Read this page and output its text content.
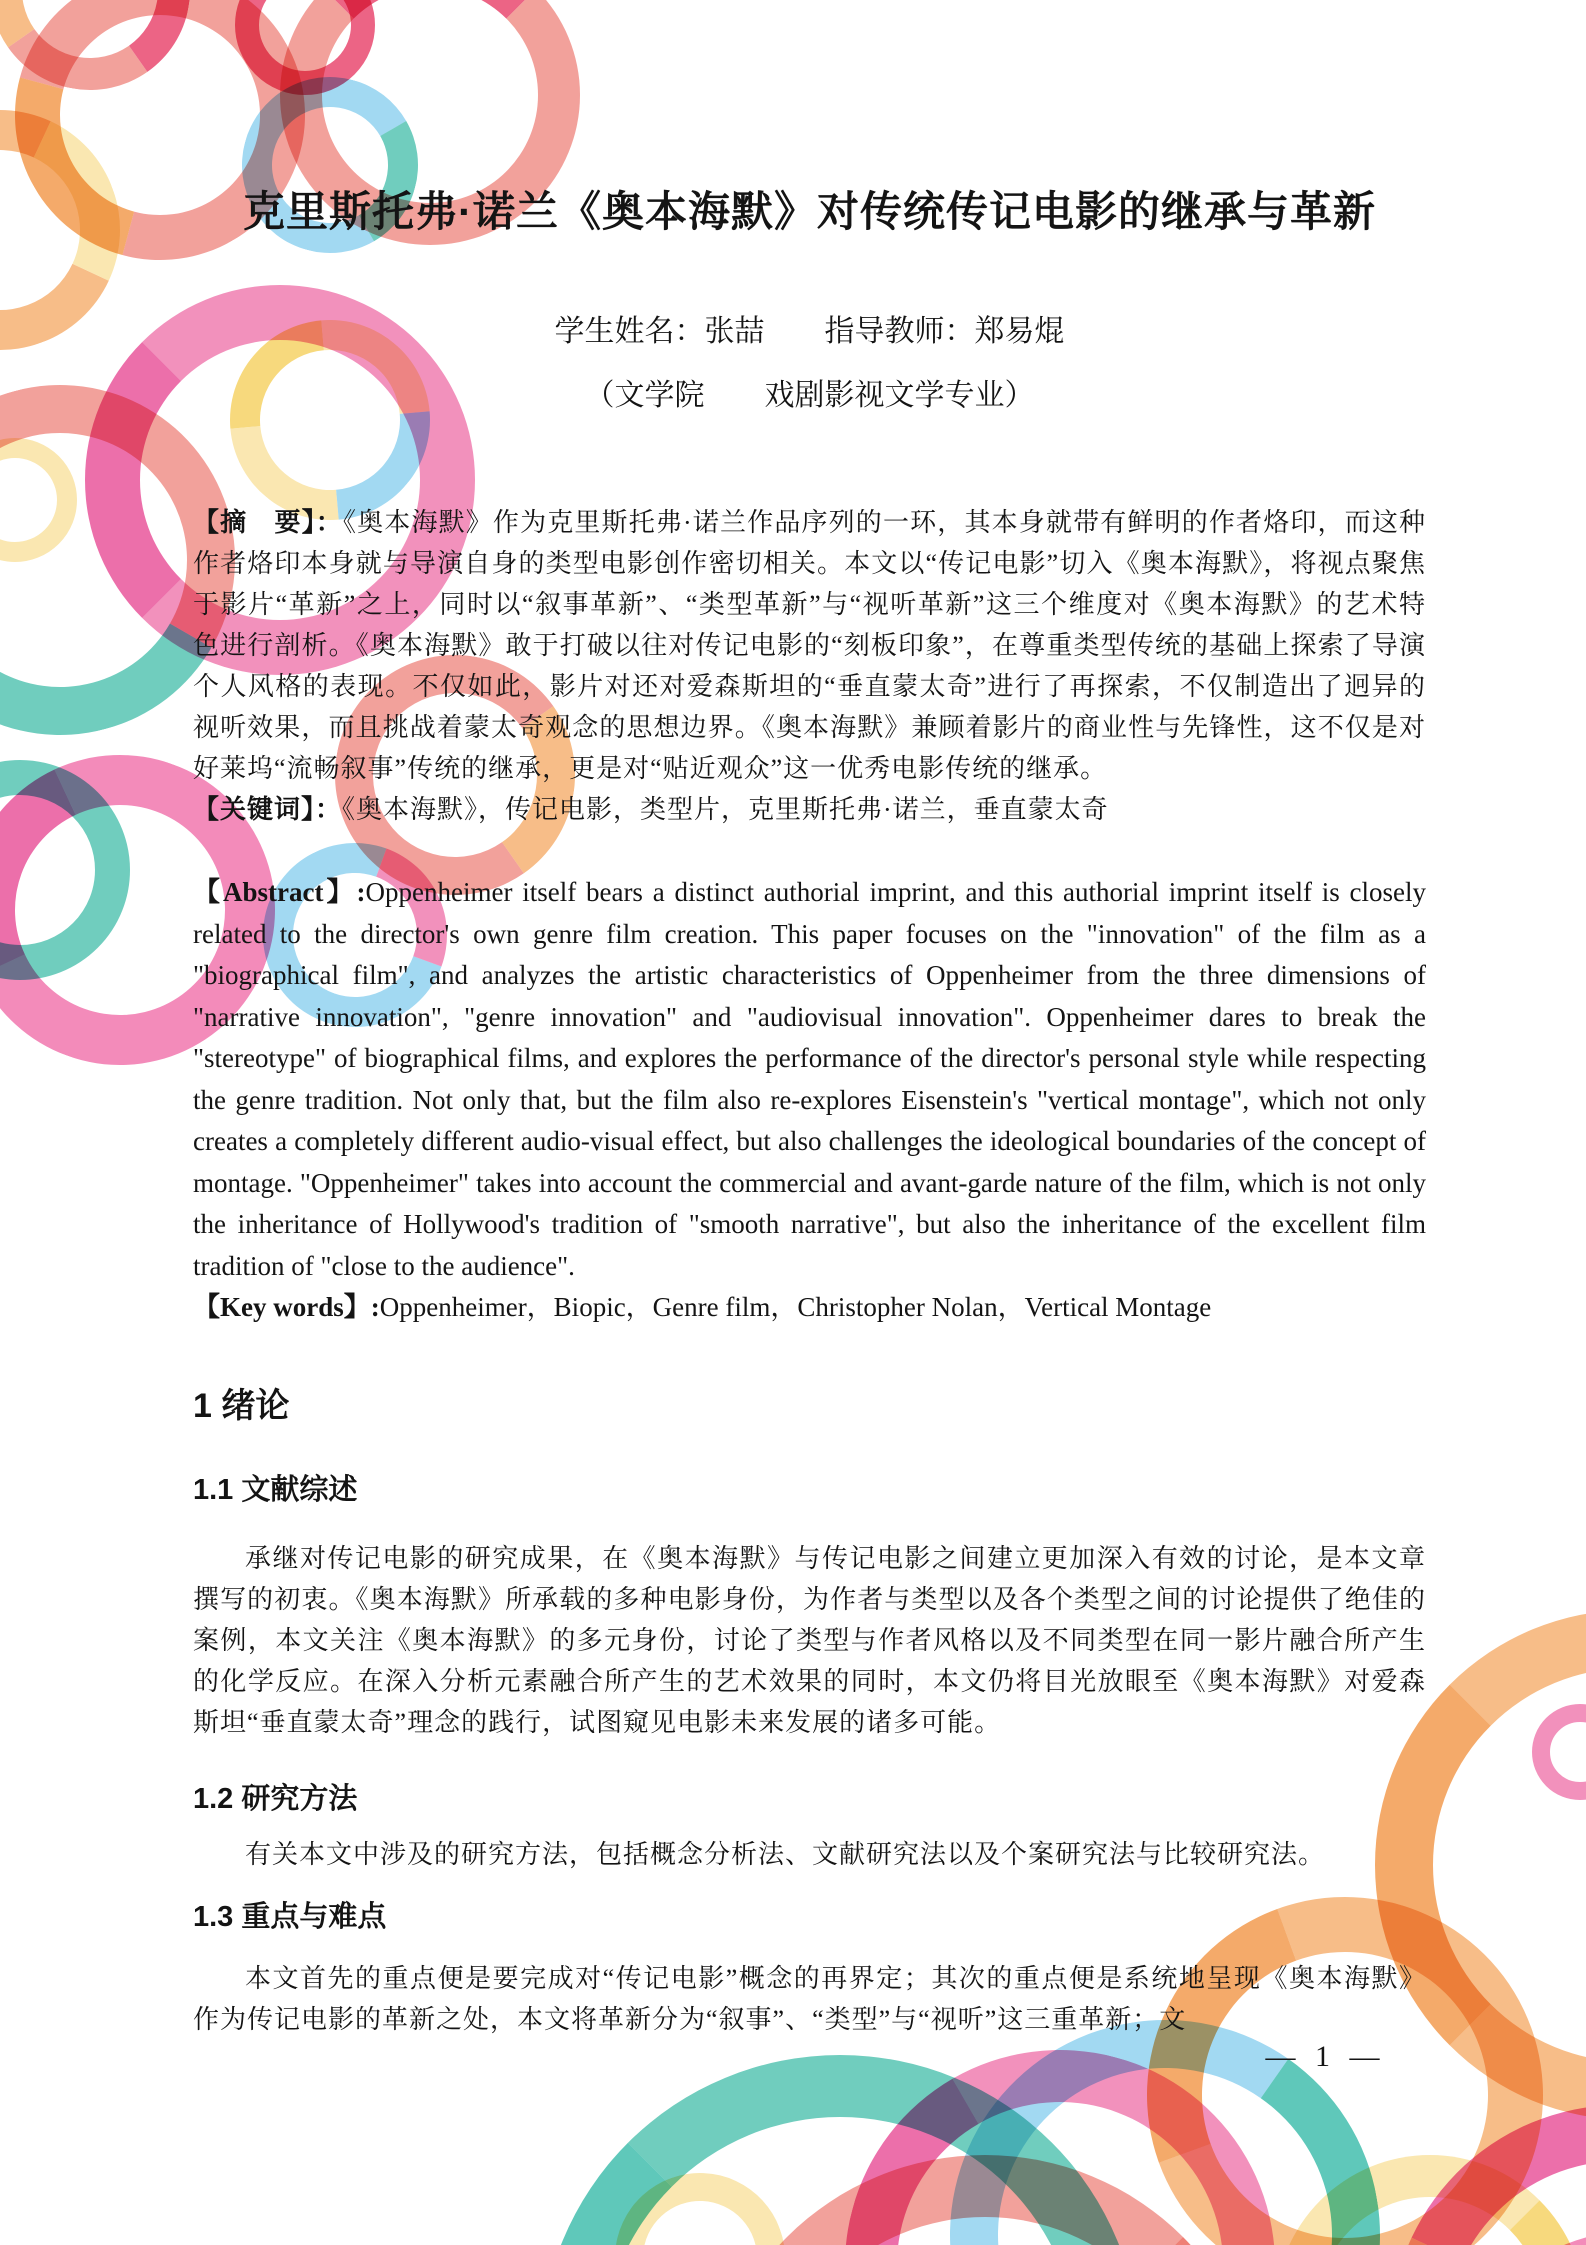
克里斯托弗·诺兰《奥本海默》对传统传记电影的继承与革新
学生姓名：张喆　　 指导教师：郑易焜
（文学院　　戏剧影视文学专业）

【摘　要】：《奥本海默》作为克里斯托弗·诺兰作品序列的一环，其本身就带有鲜明的作者烙印，而这种作者烙印本身就与导演自身的类型电影创作密切相关。本文以“传记电影”切入《奥本海默》，将视点聚焦于影片“革新”之上，同时以“叙事革新”、“类型革新”与“视听革新”这三个维度对《奥本海默》的艺术特色进行剖析。《奥本海默》敢于打破以往对传记电影的“刻板印象”，在尊重类型传统的基础上探索了导演个人风格的表现。不仅如此，影片对还对爱森斯坦的“垂直蒙太奇”进行了再探索，不仅制造出了迥异的视听效果，而且挑战着蒙太奇观念的思想边界。《奥本海默》兼顾着影片的商业性与先锋性，这不仅是对好莱坞“流畅叙事”传统的继承，更是对“贴近观众”这一优秀电影传统的继承。

【关键词】：《奥本海默》，传记电影，类型片，克里斯托弗·诺兰，垂直蒙太奇

【Abstract】:Oppenheimer itself bears a distinct authorial imprint, and this authorial imprint itself is closely related to the director's own genre film creation. This paper focuses on the "innovation" of the film as a "biographical film", and analyzes the artistic characteristics of Oppenheimer from the three dimensions of "narrative innovation", "genre innovation" and "audiovisual innovation". Oppenheimer dares to break the "stereotype" of biographical films, and explores the performance of the director's personal style while respecting the genre tradition. Not only that, but the film also re-explores Eisenstein's "vertical montage", which not only creates a completely different audio-visual effect, but also challenges the ideological boundaries of the concept of montage. "Oppenheimer" takes into account the commercial and avant-garde nature of the film, which is not only the inheritance of Hollywood's tradition of "smooth narrative", but also the inheritance of the excellent film tradition of "close to the audience".

【Key words】:Oppenheimer，Biopic，Genre film，Christopher Nolan，Vertical Montage

1 绪论
1.1 文献综述

承继对传记电影的研究成果，在《奥本海默》与传记电影之间建立更加深入有效的讨论，是本文章撰写的初衷。《奥本海默》所承载的多种电影身份，为作者与类型以及各个类型之间的讨论提供了绝佳的案例，本文关注《奥本海默》的多元身份，讨论了类型与作者风格以及不同类型在同一影片融合所产生的化学反应。在深入分析元素融合所产生的艺术效果的同时，本文仍将目光放眼至《奥本海默》对爱森斯坦“垂直蒙太奇”理念的践行，试图窥见电影未来发展的诸多可能。

1.2 研究方法

有关本文中涉及的研究方法，包括概念分析法、文献研究法以及个案研究法与比较研究法。

1.3 重点与难点

本文首先的重点便是要完成对“传记电影”概念的再界定；其次的重点便是系统地呈现《奥本海默》作为传记电影的革新之处，本文将革新分为“叙事”、“类型”与“视听”这三重革新；文

— 1 —
